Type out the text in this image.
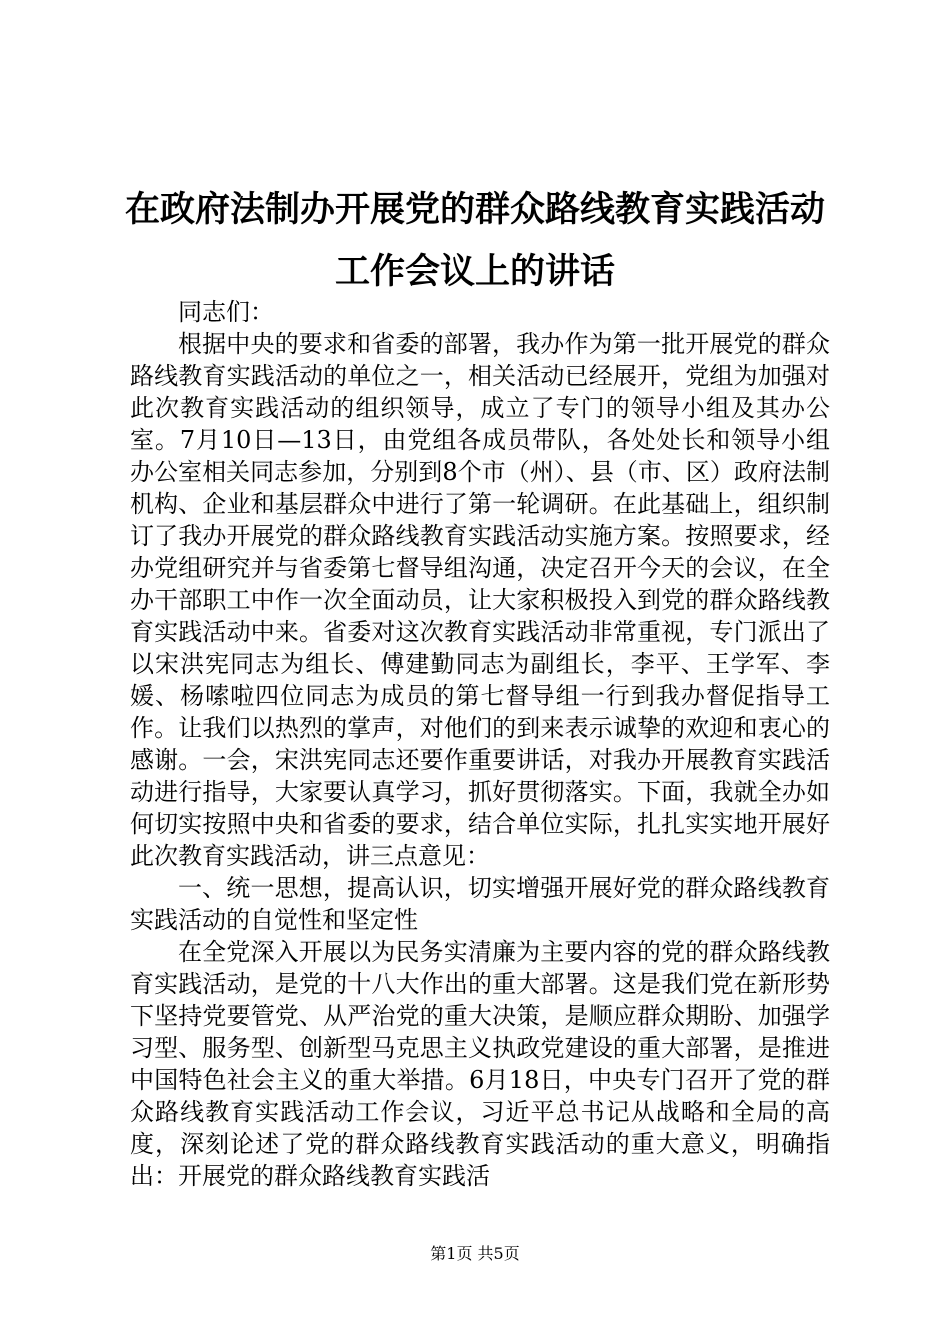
在政府法制办开展党的群众路线教育实践活动
工作会议上的讲话

同志们：

根据中央的要求和省委的部署，我办作为第一批开展党的群众路线教育实践活动的单位之一，相关活动已经展开，党组为加强对此次教育实践活动的组织领导，成立了专门的领导小组及其办公室。7月10日—13日，由党组各成员带队，各处处长和领导小组办公室相关同志参加，分别到8个市（州）、县（市、区）政府法制机构、企业和基层群众中进行了第一轮调研。在此基础上，组织制订了我办开展党的群众路线教育实践活动实施方案。按照要求，经办党组研究并与省委第七督导组沟通，决定召开今天的会议，在全办干部职工中作一次全面动员，让大家积极投入到党的群众路线教育实践活动中来。省委对这次教育实践活动非常重视，专门派出了以宋洪宪同志为组长、傅建勤同志为副组长，李平、王学军、李媛、杨嗦啦四位同志为成员的第七督导组一行到我办督促指导工作。让我们以热烈的掌声，对他们的到来表示诚挚的欢迎和衷心的感谢。一会，宋洪宪同志还要作重要讲话，对我办开展教育实践活动进行指导，大家要认真学习，抓好贯彻落实。下面，我就全办如何切实按照中央和省委的要求，结合单位实际，扎扎实实地开展好此次教育实践活动，讲三点意见：

一、统一思想，提高认识，切实增强开展好党的群众路线教育实践活动的自觉性和坚定性

在全党深入开展以为民务实清廉为主要内容的党的群众路线教育实践活动，是党的十八大作出的重大部署。这是我们党在新形势下坚持党要管党、从严治党的重大决策，是顺应群众期盼、加强学习型、服务型、创新型马克思主义执政党建设的重大部署，是推进中国特色社会主义的重大举措。6月18日，中央专门召开了党的群众路线教育实践活动工作会议，习近平总书记从战略和全局的高度，深刻论述了党的群众路线教育实践活动的重大意义，明确指出：开展党的群众路线教育实践活

第1页 共5页
